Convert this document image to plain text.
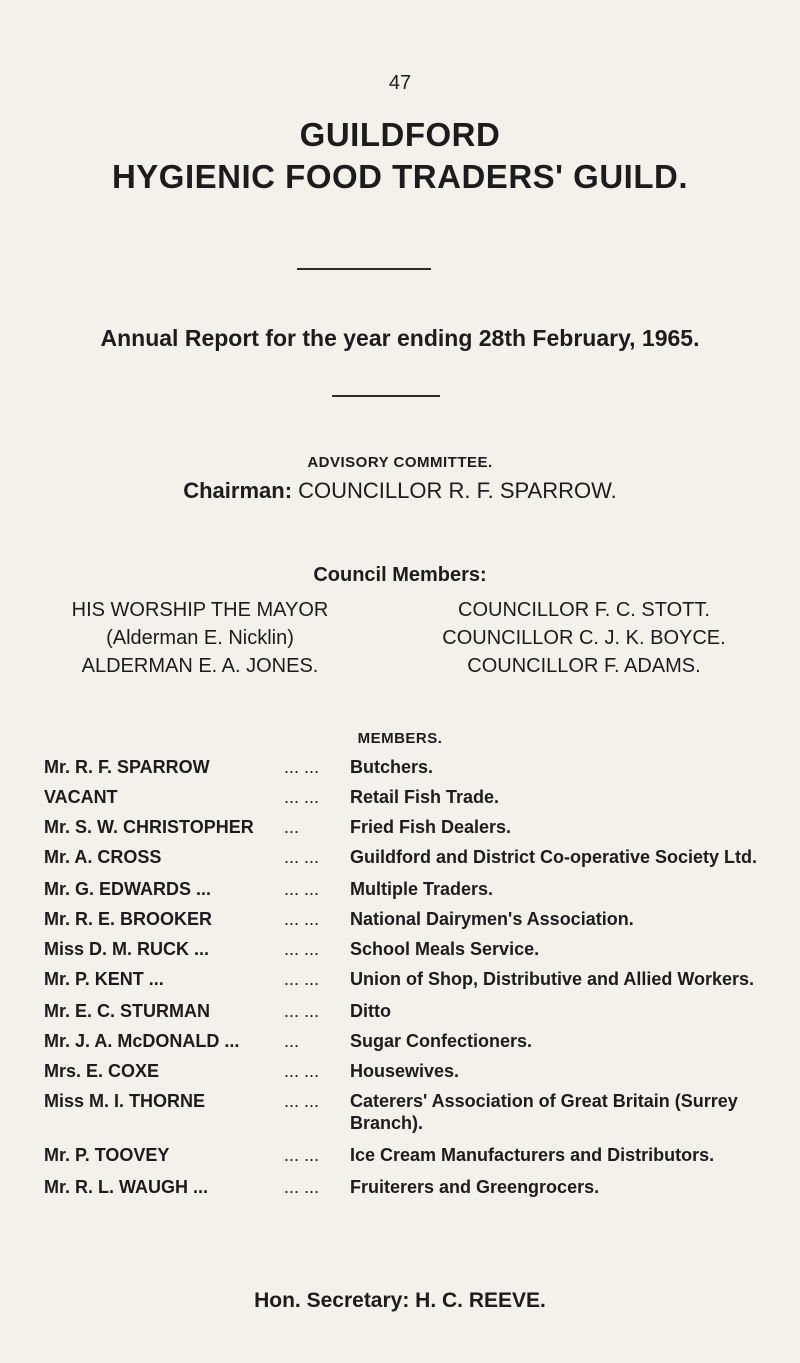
47
GUILDFORD
HYGIENIC FOOD TRADERS' GUILD.
Annual Report for the year ending 28th February, 1965.
ADVISORY COMMITTEE.
Chairman: COUNCILLOR R. F. SPARROW.
Council Members:
HIS WORSHIP THE MAYOR
(Alderman E. Nicklin)
ALDERMAN E. A. JONES.
COUNCILLOR F. C. STOTT.
COUNCILLOR C. J. K. BOYCE.
COUNCILLOR F. ADAMS.
MEMBERS.
Mr. R. F. SPARROW	... ...	Butchers.
VACANT	... ...	Retail Fish Trade.
Mr. S. W. CHRISTOPHER	...	Fried Fish Dealers.
Mr. A. CROSS	... ...	Guildford and District Co-operative Society Ltd.
Mr. G. EDWARDS ...	... ...	Multiple Traders.
Mr. R. E. BROOKER	... ...	National Dairymen's Association.
Miss D. M. RUCK ...	... ...	School Meals Service.
Mr. P. KENT ...	... ...	Union of Shop, Distributive and Allied Workers.
Mr. E. C. STURMAN	... ...	Ditto
Mr. J. A. McDONALD ...	...	Sugar Confectioners.
Mrs. E. COXE	... ...	Housewives.
Miss M. I. THORNE	... ...	Caterers' Association of Great Britain (Surrey Branch).
Mr. P. TOOVEY	... ...	Ice Cream Manufacturers and Distributors.
Mr. R. L. WAUGH ...	... ...	Fruiterers and Greengrocers.
Hon. Secretary: H. C. REEVE.
